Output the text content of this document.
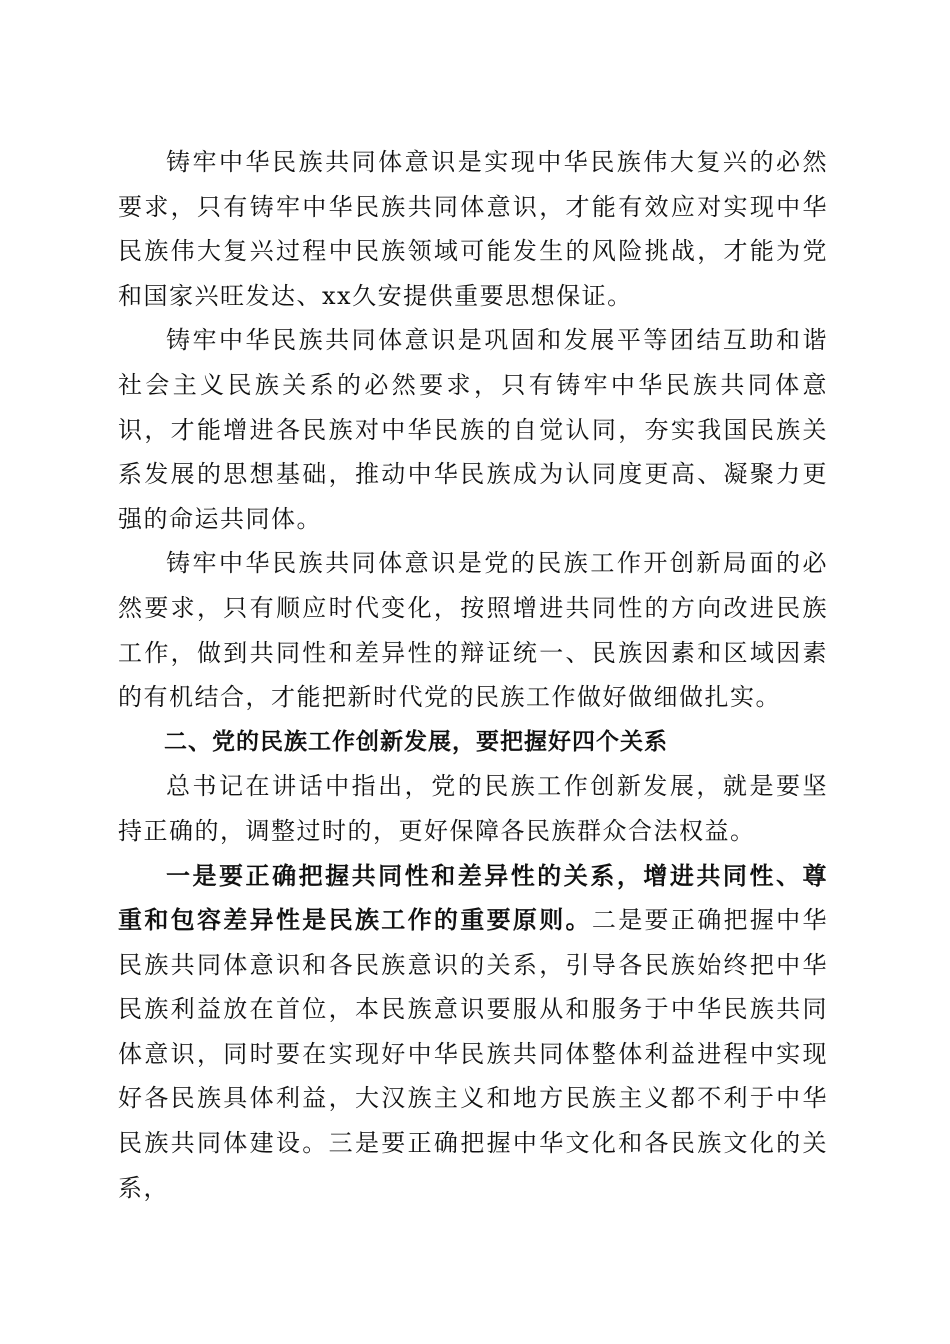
铸牢中华民族共同体意识是实现中华民族伟大复兴的必然要求，只有铸牢中华民族共同体意识，才能有效应对实现中华民族伟大复兴过程中民族领域可能发生的风险挑战，才能为党和国家兴旺发达、xx久安提供重要思想保证。

铸牢中华民族共同体意识是巩固和发展平等团结互助和谐社会主义民族关系的必然要求，只有铸牢中华民族共同体意识，才能增进各民族对中华民族的自觉认同，夯实我国民族关系发展的思想基础，推动中华民族成为认同度更高、凝聚力更强的命运共同体。

铸牢中华民族共同体意识是党的民族工作开创新局面的必然要求，只有顺应时代变化，按照增进共同性的方向改进民族工作，做到共同性和差异性的辩证统一、民族因素和区域因素的有机结合，才能把新时代党的民族工作做好做细做扎实。

二、党的民族工作创新发展，要把握好四个关系

总书记在讲话中指出，党的民族工作创新发展，就是要坚持正确的，调整过时的，更好保障各民族群众合法权益。

一是要正确把握共同性和差异性的关系，增进共同性、尊重和包容差异性是民族工作的重要原则。二是要正确把握中华民族共同体意识和各民族意识的关系，引导各民族始终把中华民族利益放在首位，本民族意识要服从和服务于中华民族共同体意识，同时要在实现好中华民族共同体整体利益进程中实现好各民族具体利益，大汉族主义和地方民族主义都不利于中华民族共同体建设。三是要正确把握中华文化和各民族文化的关系，
